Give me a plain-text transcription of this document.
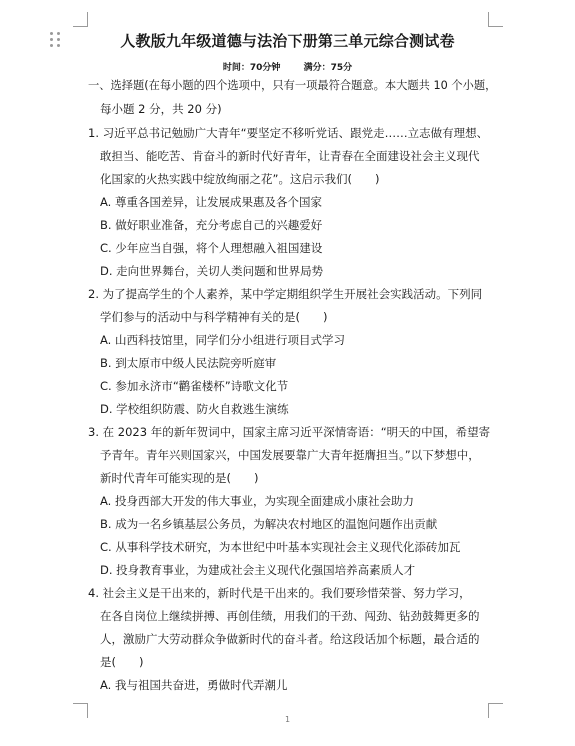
人教版九年级道德与法治下册第三单元综合测试卷
时间：70分钟	满分：75分
一、选择题(在每小题的四个选项中，只有一项最符合题意。本大题共 10 个小题，
每小题 2 分，共 20 分)
1. 习近平总书记勉励广大青年“要坚定不移听党话、跟党走……立志做有理想、
敢担当、能吃苦、肯奋斗的新时代好青年，让青春在全面建设社会主义现代
化国家的火热实践中绽放绚丽之花”。这启示我们(　　)
A. 尊重各国差异，让发展成果惠及各个国家
B. 做好职业准备，充分考虑自己的兴趣爱好
C. 少年应当自强，将个人理想融入祖国建设
D. 走向世界舞台，关切人类问题和世界局势
2. 为了提高学生的个人素养，某中学定期组织学生开展社会实践活动。下列同
学们参与的活动中与科学精神有关的是(　　)
A. 山西科技馆里，同学们分小组进行项目式学习
B. 到太原市中级人民法院旁听庭审
C. 参加永济市“鹳雀楼杯”诗歌文化节
D. 学校组织防震、防火自救逃生演练
3. 在 2023 年的新年贺词中，国家主席习近平深情寄语：“明天的中国，希望寄
予青年。青年兴则国家兴，中国发展要靠广大青年挺膺担当。”以下梦想中，
新时代青年可能实现的是(　　)
A. 投身西部大开发的伟大事业，为实现全面建成小康社会助力
B. 成为一名乡镇基层公务员，为解决农村地区的温饱问题作出贡献
C. 从事科学技术研究，为本世纪中叶基本实现社会主义现代化添砖加瓦
D. 投身教育事业，为建成社会主义现代化强国培养高素质人才
4. 社会主义是干出来的，新时代是干出来的。我们要珍惜荣誉、努力学习，
在各自岗位上继续拼搏、再创佳绩，用我们的干劲、闯劲、钻劲鼓舞更多的
人，激励广大劳动群众争做新时代的奋斗者。给这段话加个标题，最合适的
是(　　)
A. 我与祖国共奋进，勇做时代弄潮儿
1
